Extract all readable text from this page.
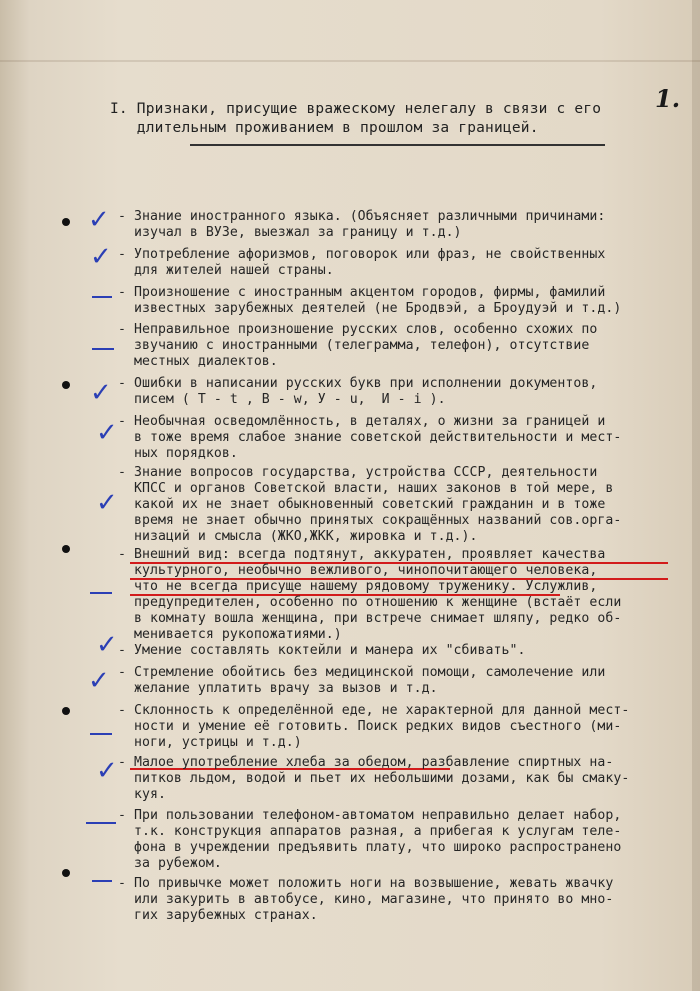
1.
I. Признаки, присущие вражескому нелегалу в связи с его
длительным проживанием в прошлом за границей.
✓
✓
✓
✓
✓
✓
✓
✓
- Знание иностранного языка. (Объясняет различными причинами:
изучал в ВУЗе, выезжал за границу и т.д.)
- Употребление афоризмов, поговорок или фраз, не свойственных
для жителей нашей страны.
- Произношение с иностранным акцентом городов, фирмы, фамилий
известных зарубежных деятелей (не Бродвэй, а Броудуэй и т.д.)
- Неправильное произношение русских слов, особенно схожих по
звучанию с иностранными (телеграмма, телефон), отсутствие
местных диалектов.
- Ошибки в написании русских букв при исполнении документов,
писем ( T - t , B - w, У - u,  И - i ).
- Необычная осведомлённость, в деталях, о жизни за границей и
в тоже время слабое знание советской действительности и мест-
ных порядков.
- Знание вопросов государства, устройства СССР, деятельности
КПСС и органов Советской власти, наших законов в той мере, в
какой их не знает обыкновенный советский гражданин и в тоже
время не знает обычно принятых сокращённых названий сов.орга-
низаций и смысла (ЖКО,ЖКК, жировка и т.д.).
- Внешний вид: всегда подтянут, аккуратен, проявляет качества
культурного, необычно вежливого, чинопочитающего человека,
что не всегда присуще нашему рядовому труженику. Услужлив,
предупредителен, особенно по отношению к женщине (встаёт если
в комнату вошла женщина, при встрече снимает шляпу, редко об-
менивается рукопожатиями.)
- Умение составлять коктейли и манера их "сбивать".
- Стремление обойтись без медицинской помощи, самолечение или
желание уплатить врачу за вызов и т.д.
- Склонность к определённой еде, не характерной для данной мест-
ности и умение её готовить. Поиск редких видов съестного (ми-
ноги, устрицы и т.д.)
- Малое употребление хлеба за обедом, разбавление спиртных на-
питков льдом, водой и пьет их небольшими дозами, как бы смаку-
куя.
- При пользовании телефоном-автоматом неправильно делает набор,
т.к. конструкция аппаратов разная, а прибегая к услугам теле-
фона в учреждении предъявить плату, что широко распространено
за рубежом.
- По привычке может положить ноги на возвышение, жевать жвачку
или закурить в автобусе, кино, магазине, что принято во мно-
гих зарубежных странах.
